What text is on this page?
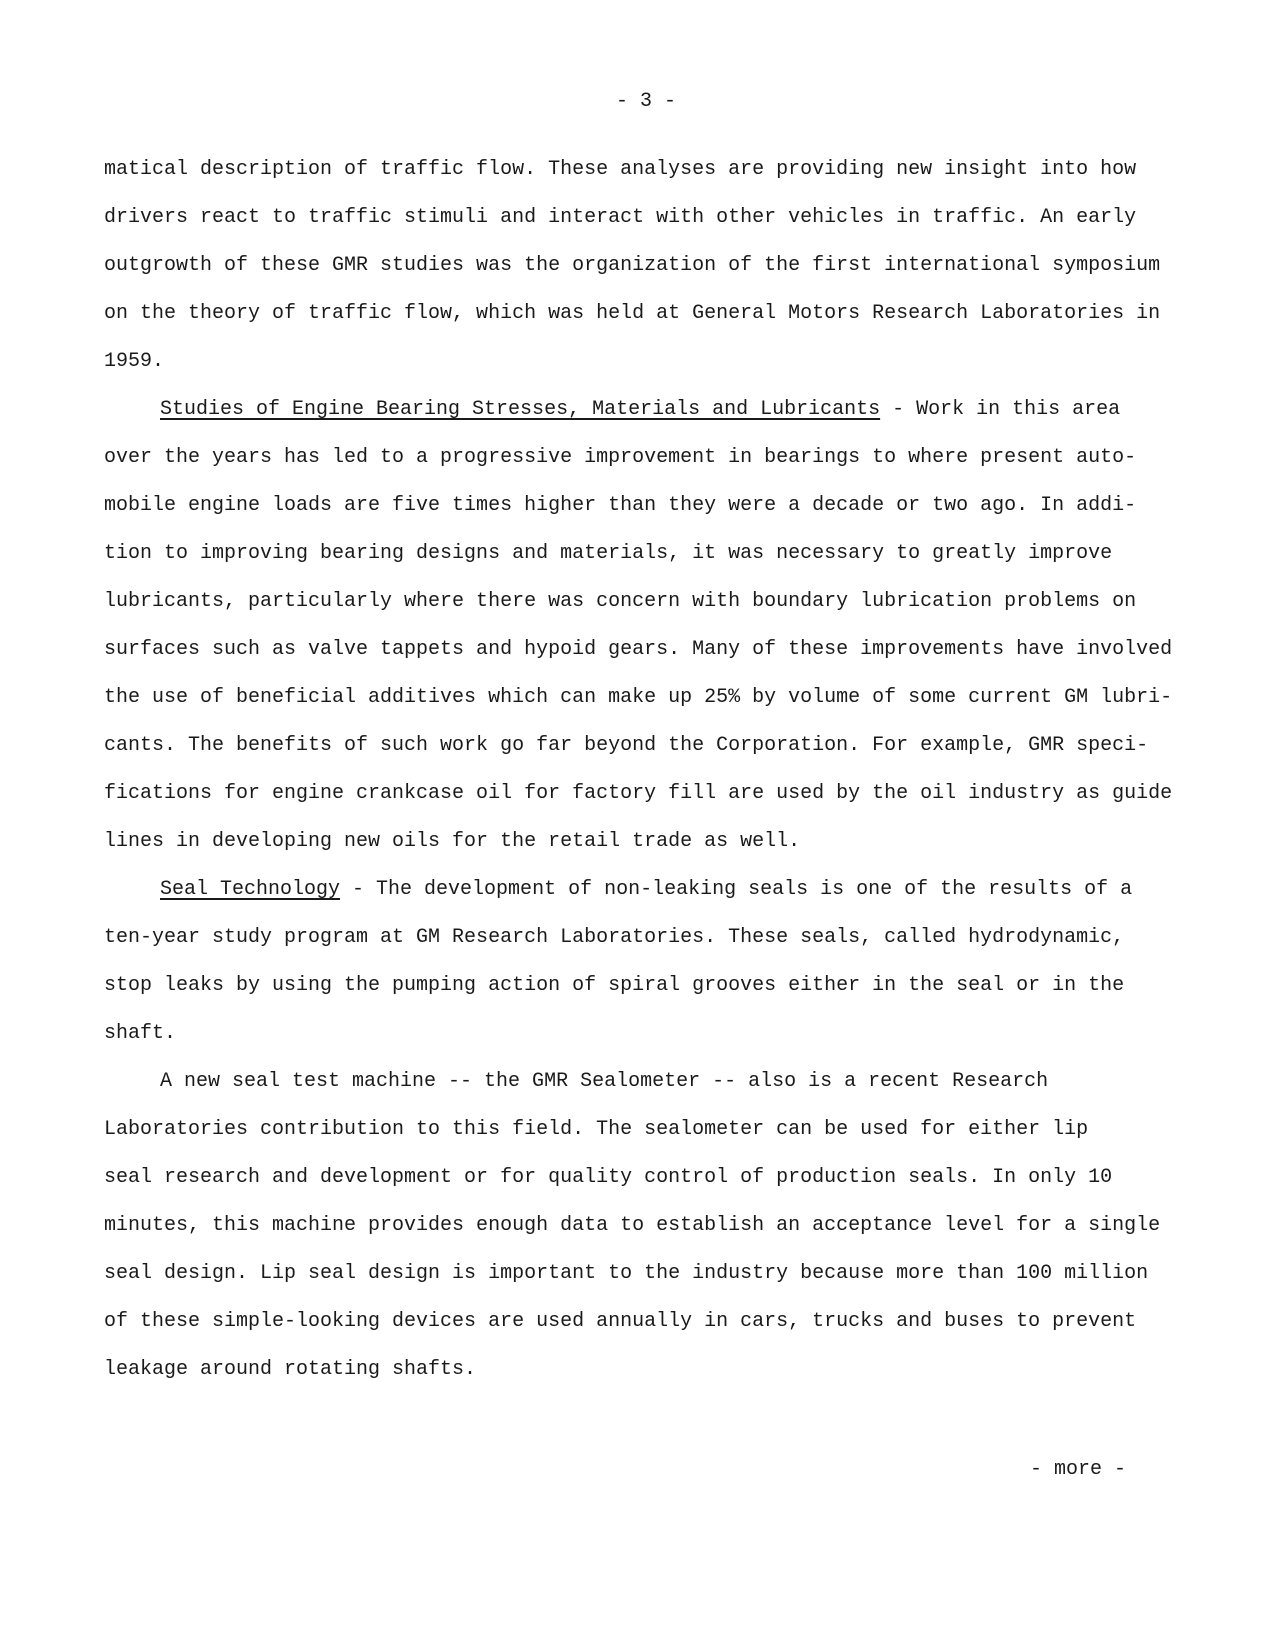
- 3 -
matical description of traffic flow. These analyses are providing new insight into how
drivers react to traffic stimuli and interact with other vehicles in traffic. An early
outgrowth of these GMR studies was the organization of the first international symposium
on the theory of traffic flow, which was held at General Motors Research Laboratories in
1959.
Studies of Engine Bearing Stresses, Materials and Lubricants - Work in this area
over the years has led to a progressive improvement in bearings to where present auto-
mobile engine loads are five times higher than they were a decade or two ago. In addi-
tion to improving bearing designs and materials, it was necessary to greatly improve
lubricants, particularly where there was concern with boundary lubrication problems on
surfaces such as valve tappets and hypoid gears. Many of these improvements have involved
the use of beneficial additives which can make up 25% by volume of some current GM lubri-
cants. The benefits of such work go far beyond the Corporation. For example, GMR speci-
fications for engine crankcase oil for factory fill are used by the oil industry as guide
lines in developing new oils for the retail trade as well.
Seal Technology - The development of non-leaking seals is one of the results of a
ten-year study program at GM Research Laboratories. These seals, called hydrodynamic,
stop leaks by using the pumping action of spiral grooves either in the seal or in the
shaft.
A new seal test machine -- the GMR Sealometer -- also is a recent Research
Laboratories contribution to this field. The sealometer can be used for either lip
seal research and development or for quality control of production seals. In only 10
minutes, this machine provides enough data to establish an acceptance level for a single
seal design. Lip seal design is important to the industry because more than 100 million
of these simple-looking devices are used annually in cars, trucks and buses to prevent
leakage around rotating shafts.
- more -
